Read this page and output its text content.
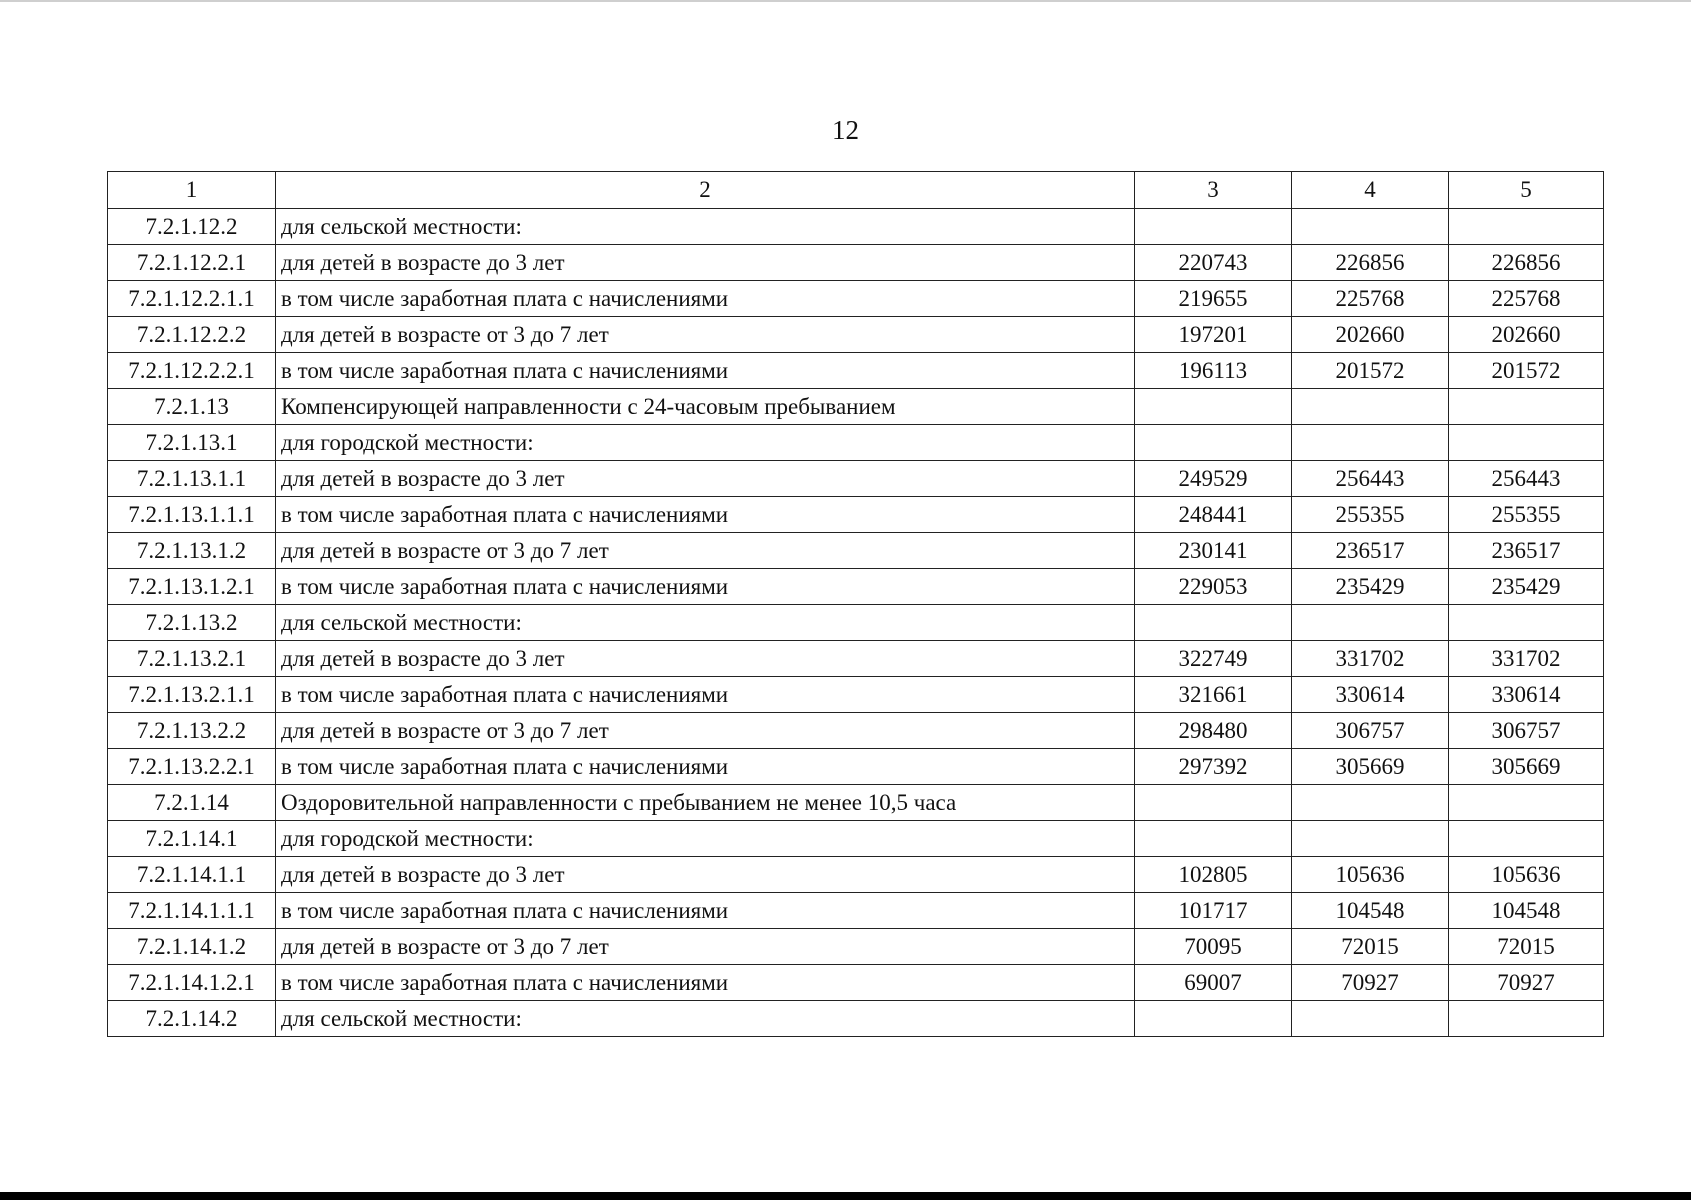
12
1	2	3	4	5
7.2.1.12.2	для сельской местности:			
7.2.1.12.2.1	для детей в возрасте до 3 лет	220743	226856	226856
7.2.1.12.2.1.1	в том числе заработная плата с начислениями	219655	225768	225768
7.2.1.12.2.2	для детей в возрасте от 3 до 7 лет	197201	202660	202660
7.2.1.12.2.2.1	в том числе заработная плата с начислениями	196113	201572	201572
7.2.1.13	Компенсирующей направленности с 24-часовым пребыванием			
7.2.1.13.1	для городской местности:			
7.2.1.13.1.1	для детей в возрасте до 3 лет	249529	256443	256443
7.2.1.13.1.1.1	в том числе заработная плата с начислениями	248441	255355	255355
7.2.1.13.1.2	для детей в возрасте от 3 до 7 лет	230141	236517	236517
7.2.1.13.1.2.1	в том числе заработная плата с начислениями	229053	235429	235429
7.2.1.13.2	для сельской местности:			
7.2.1.13.2.1	для детей в возрасте до 3 лет	322749	331702	331702
7.2.1.13.2.1.1	в том числе заработная плата с начислениями	321661	330614	330614
7.2.1.13.2.2	для детей в возрасте от 3 до 7 лет	298480	306757	306757
7.2.1.13.2.2.1	в том числе заработная плата с начислениями	297392	305669	305669
7.2.1.14	Оздоровительной направленности с пребыванием не менее 10,5 часа			
7.2.1.14.1	для городской местности:			
7.2.1.14.1.1	для детей в возрасте до 3 лет	102805	105636	105636
7.2.1.14.1.1.1	в том числе заработная плата с начислениями	101717	104548	104548
7.2.1.14.1.2	для детей в возрасте от 3 до 7 лет	70095	72015	72015
7.2.1.14.1.2.1	в том числе заработная плата с начислениями	69007	70927	70927
7.2.1.14.2	для сельской местности:			
